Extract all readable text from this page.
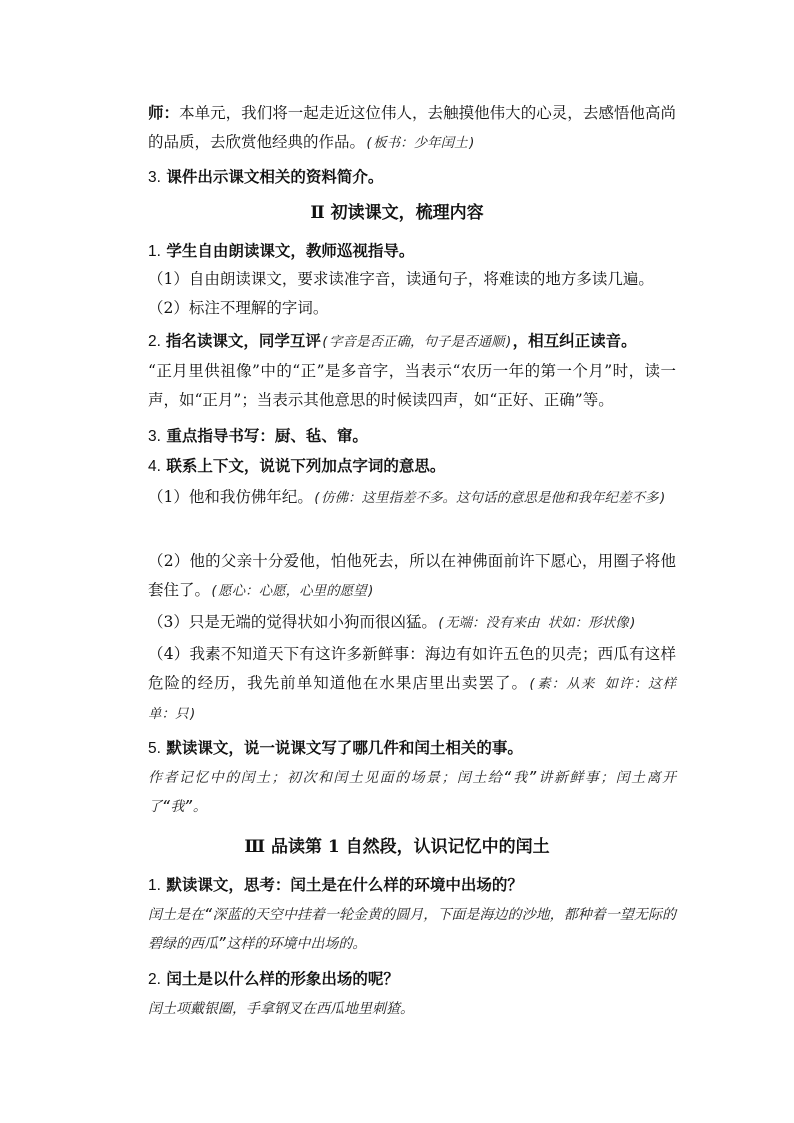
师：本单元，我们将一起走近这位伟人，去触摸他伟大的心灵，去感悟他高尚的品质，去欣赏他经典的作品。(板书：少年闰土)
3. 课件出示课文相关的资料简介。
Ⅱ 初读课文，梳理内容
1. 学生自由朗读课文，教师巡视指导。
（1）自由朗读课文，要求读准字音，读通句子，将难读的地方多读几遍。
（2）标注不理解的字词。
2. 指名读课文，同学互评(字音是否正确，句子是否通顺)，相互纠正读音。
“正月里供祖像”中的“正”是多音字，当表示“农历一年的第一个月”时，读一声，如“正月”；当表示其他意思的时候读四声，如“正好、正确”等。
3. 重点指导书写：厨、毡、窜。
4. 联系上下文，说说下列加点字词的意思。
（1）他和我仿佛年纪。(仿佛：这里指差不多。这句话的意思是他和我年纪差不多)
（2）他的父亲十分爱他，怕他死去，所以在神佛面前许下愿心，用圈子将他套住了。(愿心：心愿，心里的愿望)
（3）只是无端的觉得状如小狗而很凶猛。(无端：没有来由 状如：形状像)
（4）我素不知道天下有这许多新鲜事：海边有如许五色的贝壳；西瓜有这样危险的经历，我先前单知道他在水果店里出卖罢了。(素：从来 如许：这样 单：只)
5. 默读课文，说一说课文写了哪几件和闰土相关的事。
作者记忆中的闰土；初次和闰土见面的场景；闰土给“我”讲新鲜事；闰土离开了“我”。
Ⅲ 品读第 1 自然段，认识记忆中的闰土
1. 默读课文，思考：闰土是在什么样的环境中出场的？
闰土是在“深蓝的天空中挂着一轮金黄的圆月，下面是海边的沙地，都种着一望无际的碧绿的西瓜”这样的环境中出场的。
2. 闰土是以什么样的形象出场的呢？
闰土项戴银圈，手拿钢叉在西瓜地里刺猹。
